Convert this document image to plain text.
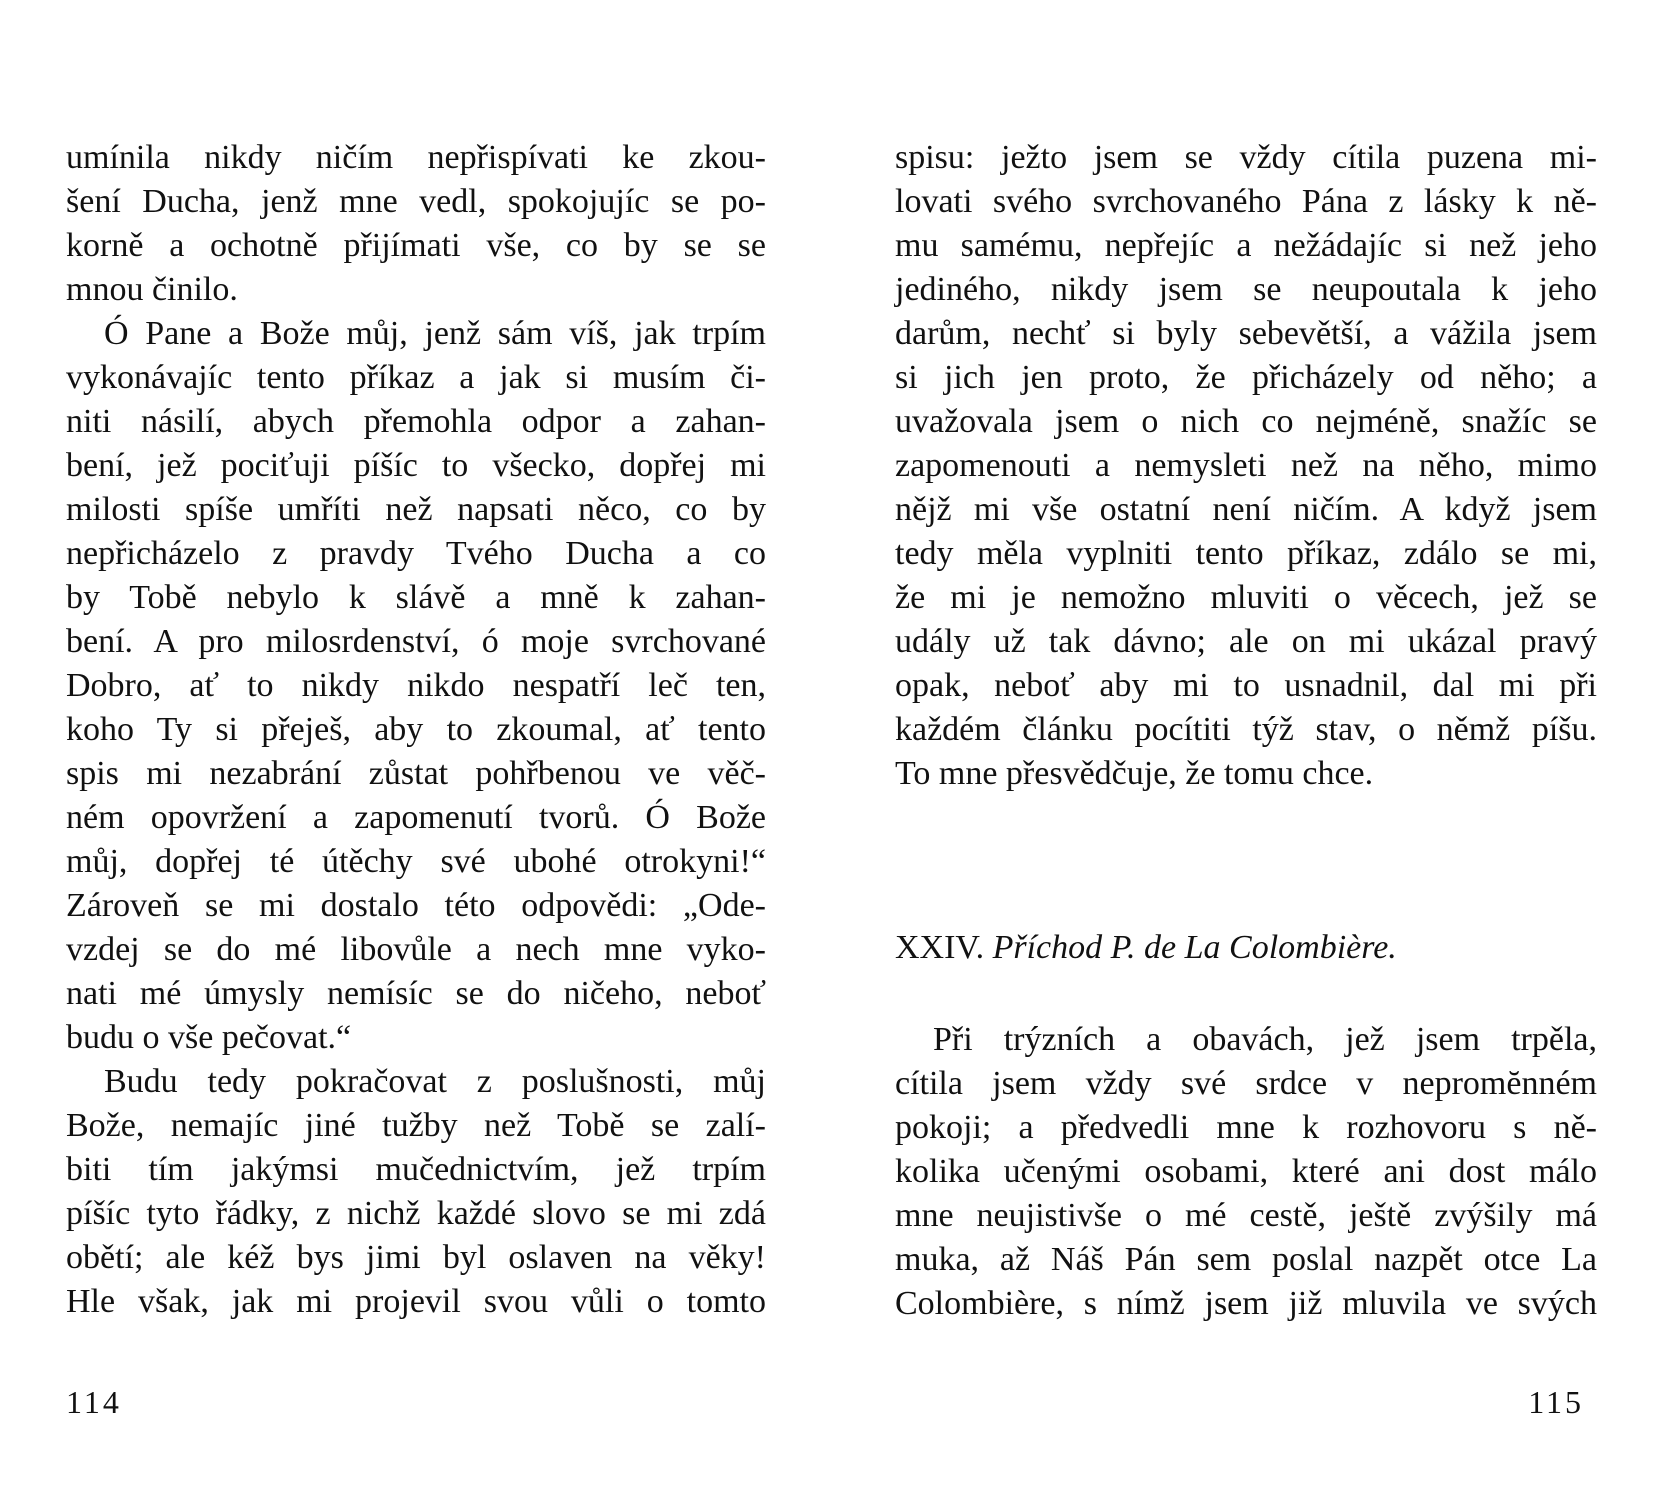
umínila nikdy ničím nepřispívati ke zkou-
šení Ducha, jenž mne vedl, spokojujíc se po-
korně a ochotně přijímati vše, co by se se
mnou činilo.
Ó Pane a Bože můj, jenž sám víš, jak trpím
vykonávajíc tento příkaz a jak si musím či-
niti násilí, abych přemohla odpor a zahan-
bení, jež pociťuji píšíc to všecko, dopřej mi
milosti spíše umříti než napsati něco, co by
nepřicházelo z pravdy Tvého Ducha a co
by Tobě nebylo k slávě a mně k zahan-
bení. A pro milosrdenství, ó moje svrchované
Dobro, ať to nikdy nikdo nespatří leč ten,
koho Ty si přeješ, aby to zkoumal, ať tento
spis mi nezabrání zůstat pohřbenou ve věč-
ném opovržení a zapomenutí tvorů. Ó Bože
můj, dopřej té útěchy své ubohé otrokyni!“
Zároveň se mi dostalo této odpovědi: „Ode-
vzdej se do mé libovůle a nech mne vyko-
nati mé úmysly nemísíc se do ničeho, neboť
budu o vše pečovat.“
Budu tedy pokračovat z poslušnosti, můj
Bože, nemajíc jiné tužby než Tobě se zalí-
biti tím jakýmsi mučednictvím, jež trpím
píšíc tyto řádky, z nichž každé slovo se mi zdá
obětí; ale kéž bys jimi byl oslaven na věky!
Hle však, jak mi projevil svou vůli o tomto
114
spisu: ježto jsem se vždy cítila puzena mi-
lovati svého svrchovaného Pána z lásky k ně-
mu samému, nepřejíc a nežádajíc si než jeho
jediného, nikdy jsem se neupoutala k jeho
darům, nechť si byly sebevětší, a vážila jsem
si jich jen proto, že přicházely od něho; a
uvažovala jsem o nich co nejméně, snažíc se
zapomenouti a nemysleti než na něho, mimo
nějž mi vše ostatní není ničím. A když jsem
tedy měla vyplniti tento příkaz, zdálo se mi,
že mi je nemožno mluviti o věcech, jež se
udály už tak dávno; ale on mi ukázal pravý
opak, neboť aby mi to usnadnil, dal mi při
každém článku pocítiti týž stav, o němž píšu.
To mne přesvědčuje, že tomu chce.
XXIV. Příchod P. de La Colombière.
Při trýzních a obavách, jež jsem trpěla,
cítila jsem vždy své srdce v nepromĕnném
pokoji; a předvedli mne k rozhovoru s ně-
kolika učenými osobami, které ani dost málo
mne neujistivše o mé cestě, ještě zvýšily má
muka, až Náš Pán sem poslal nazpět otce La
Colombière, s nímž jsem již mluvila ve svých
115
